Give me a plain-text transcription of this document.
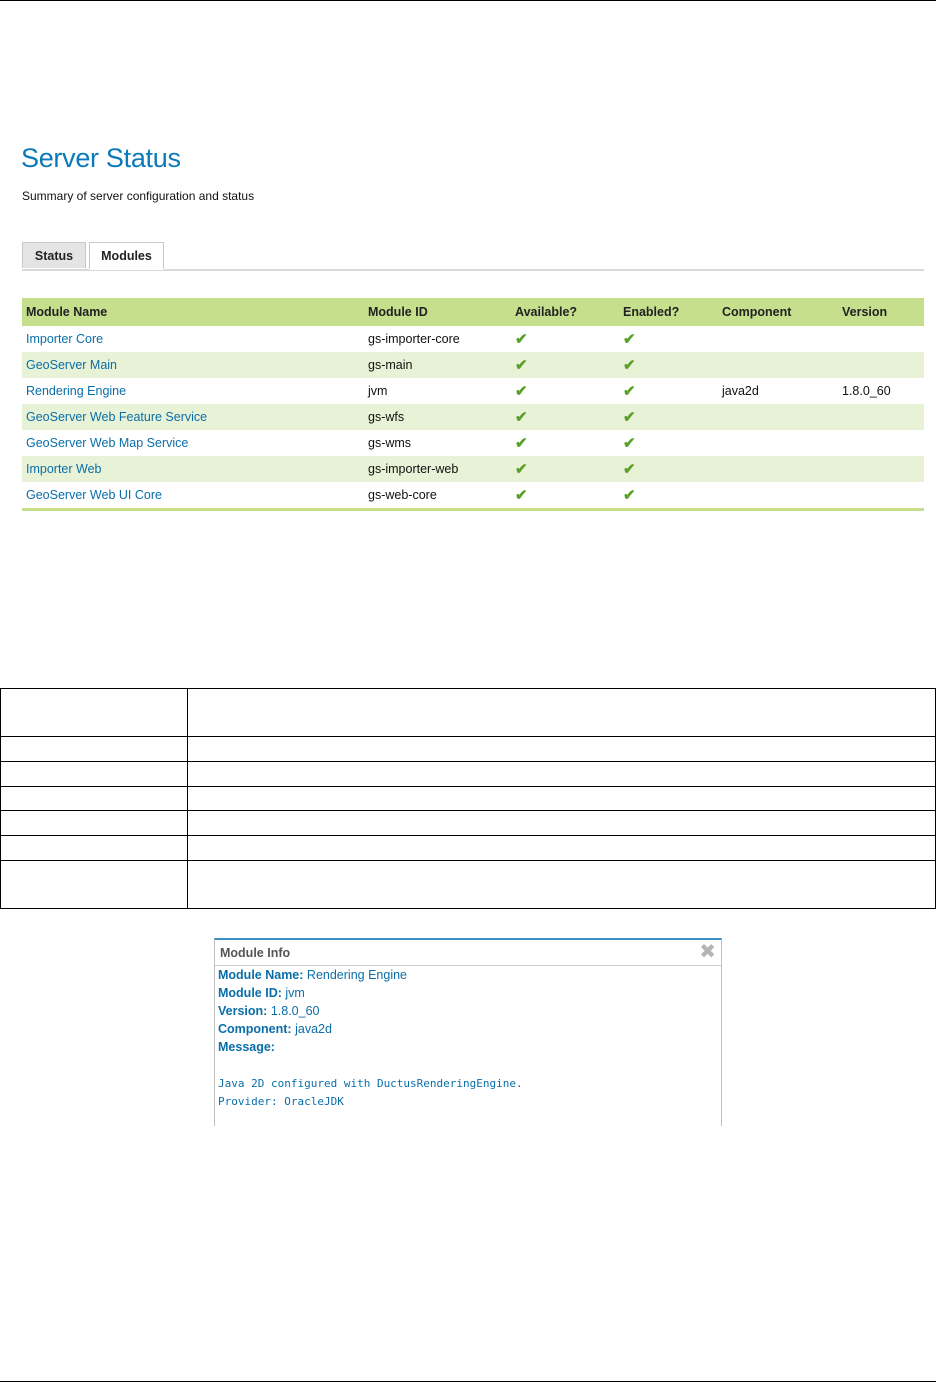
Server Status
Summary of server configuration and status
Status	Modules
Module Name	Module ID	Available?	Enabled?	Component	Version
Importer Core	gs-importer-core	✔	✔		
GeoServer Main	gs-main	✔	✔		
Rendering Engine	jvm	✔	✔	java2d	1.8.0_60
GeoServer Web Feature Service	gs-wfs	✔	✔		
GeoServer Web Map Service	gs-wms	✔	✔		
Importer Web	gs-importer-web	✔	✔		
GeoServer Web UI Core	gs-web-core	✔	✔		
Module Info	✖
Module Name: Rendering Engine
Module ID: jvm
Version: 1.8.0_60
Component: java2d
Message:
Java 2D configured with DuctusRenderingEngine.
Provider: OracleJDK
